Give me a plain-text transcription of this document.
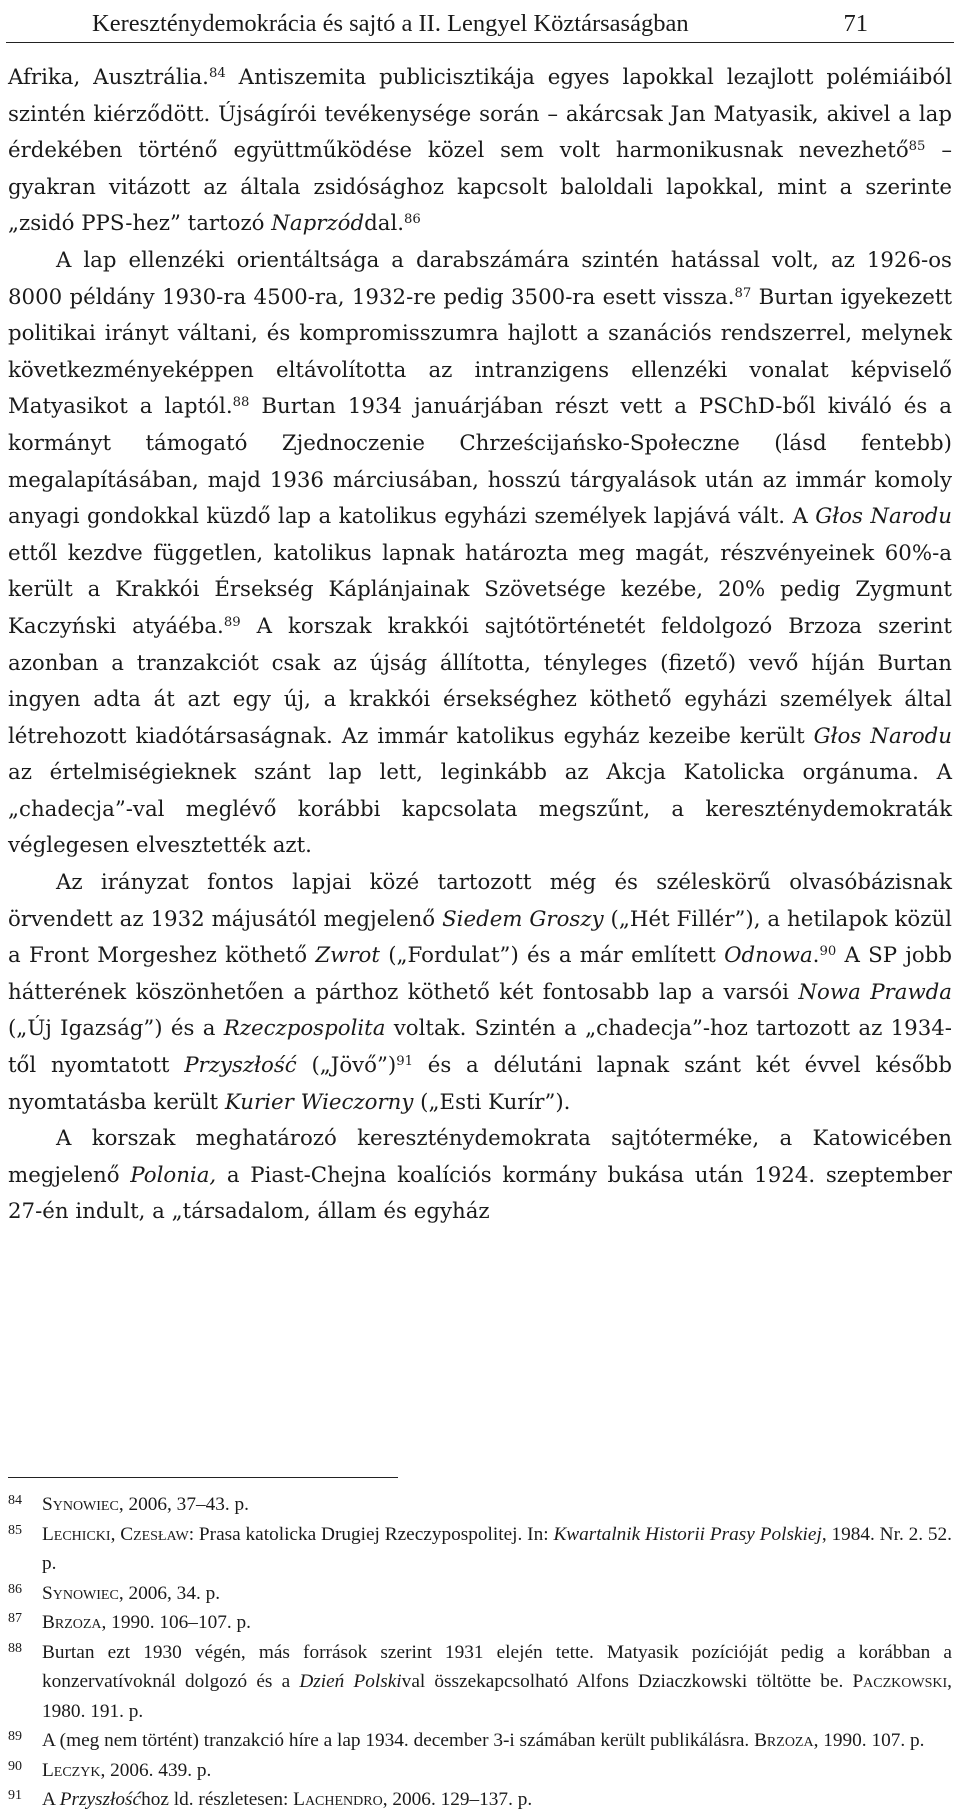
Kereszténydemokrácia és sajtó a II. Lengyel Köztársaságban	71

Afrika, Ausztrália.$^{84}$ Antiszemita publicisztikája egyes lapokkal lezajlott polémiáiból szintén kiérződött. Újságírói tevékenysége során – akárcsak Jan Matyasik, akivel a lap érdekében történő együttműködése közel sem volt harmonikusnak nevezhető$^{85}$ – gyakran vitázott az általa zsidósághoz kapcsolt baloldali lapokkal, mint a szerinte „zsidó PPS-hez” tartozó Naprzóddal.$^{86}$

A lap ellenzéki orientáltsága a darabszámára szintén hatással volt, az 1926-os 8000 példány 1930-ra 4500-ra, 1932-re pedig 3500-ra esett vissza.$^{87}$ Burtan igyekezett politikai irányt váltani, és kompromisszumra hajlott a szanációs rendszerrel, melynek következményeképpen eltávolította az intranzigens ellenzéki vonalat képviselő Matyasikot a laptól.$^{88}$ Burtan 1934 januárjában részt vett a PSChD-ből kiváló és a kormányt támogató Zjednoczenie Chrześcijańsko-Społeczne (lásd fentebb) megalapításában, majd 1936 márciusában, hosszú tárgyalások után az immár komoly anyagi gondokkal küzdő lap a katolikus egyházi személyek lapjává vált. A Głos Narodu ettől kezdve független, katolikus lapnak határozta meg magát, részvényeinek 60%-a került a Krakkói Érsekség Káplánjainak Szövetsége kezébe, 20% pedig Zygmunt Kaczyński atyáéba.$^{89}$ A korszak krakkói sajtótörténetét feldolgozó Brzoza szerint azonban a tranzakciót csak az újság állította, tényleges (fizető) vevő híján Burtan ingyen adta át azt egy új, a krakkói érsekséghez köthető egyházi személyek által létrehozott kiadótársaságnak. Az immár katolikus egyház kezeibe került Głos Narodu az értelmiségieknek szánt lap lett, leginkább az Akcja Katolicka orgánuma. A „chadecja”-val meglévő korábbi kapcsolata megszűnt, a kereszténydemokraták véglegesen elvesztették azt.

Az irányzat fontos lapjai közé tartozott még és széleskörű olvasóbázisnak örvendett az 1932 májusától megjelenő Siedem Groszy („Hét Fillér”), a hetilapok közül a Front Morgeshez köthető Zwrot („Fordulat”) és a már említett Odnowa.$^{90}$ A SP jobb hátterének köszönhetően a párthoz köthető két fontosabb lap a varsói Nowa Prawda („Új Igazság”) és a Rzeczpospolita voltak. Szintén a „chadecja”-hoz tartozott az 1934-től nyomtatott Przyszłość („Jövő”)$^{91}$ és a délutáni lapnak szánt két évvel később nyomtatásba került Kurier Wieczorny („Esti Kurír”).

A korszak meghatározó kereszténydemokrata sajtóterméke, a Katowicében megjelenő Polonia, a Piast-Chejna koalíciós kormány bukása után 1924. szeptember 27-én indult, a „társadalom, állam és egyház

84	Synowiec, 2006, 37–43. p.
85	Lechicki, Czesław: Prasa katolicka Drugiej Rzeczypospolitej. In: Kwartalnik Historii Prasy Polskiej, 1984. Nr. 2. 52. p.
86	Synowiec, 2006, 34. p.
87	Brzoza, 1990. 106–107. p.
88	Burtan ezt 1930 végén, más források szerint 1931 elején tette. Matyasik pozícióját pedig a korábban a konzervatívoknál dolgozó és a Dzień Polskival összekapcsolható Alfons Dziaczkowski töltötte be. Paczkowski, 1980. 191. p.
89	A (meg nem történt) tranzakció híre a lap 1934. december 3-i számában került publikálásra. Brzoza, 1990. 107. p.
90	Leczyk, 2006. 439. p.
91	A Przyszłośćhoz ld. részletesen: Lachendro, 2006. 129–137. p.
